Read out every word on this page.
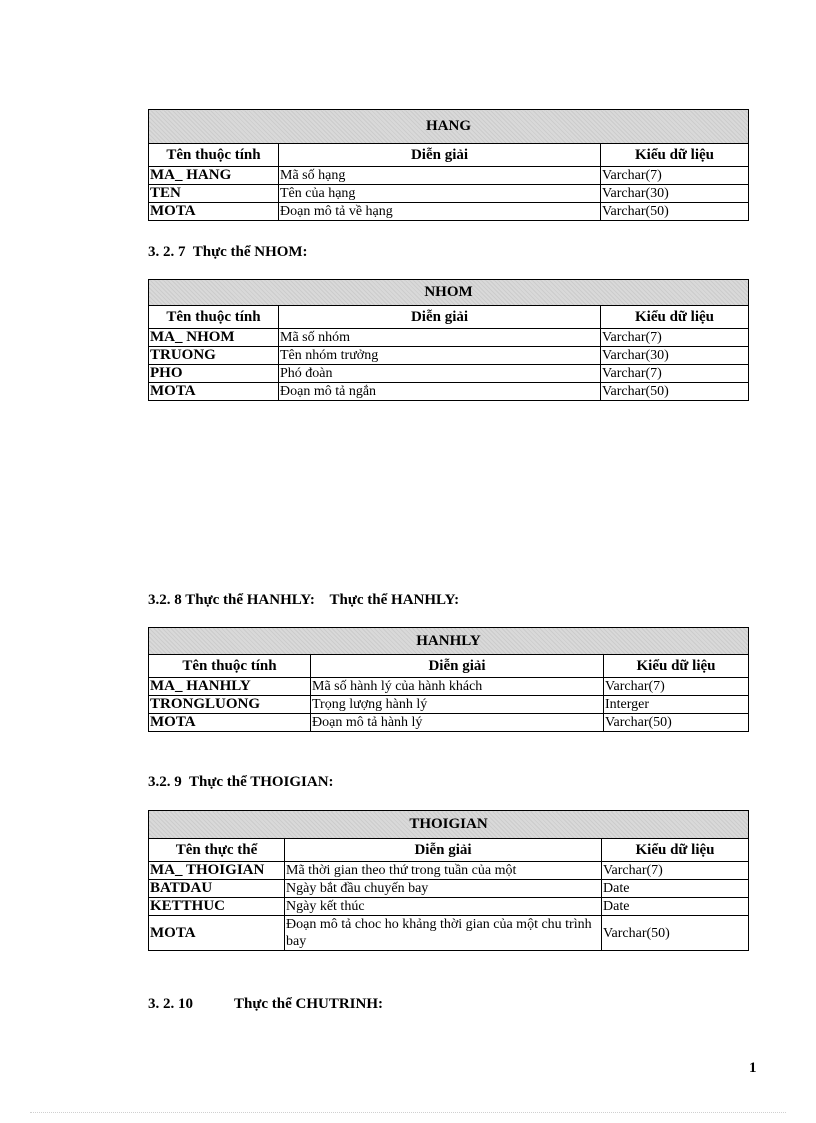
HANG		
Tên thuộc tính	Diễn giải	Kiểu dữ liệu
MA_ HANG	Mã số hạng	Varchar(7)
TEN	Tên của hạng	Varchar(30)
MOTA	Đoạn mô tả về hạng	Varchar(50)
3. 2. 7  Thực thể NHOM:
NHOM		
Tên thuộc tính	Diễn giải	Kiểu dữ liệu
MA_ NHOM	Mã số nhóm	Varchar(7)
TRUONG	Tên nhóm trưởng	Varchar(30)
PHO	Phó đoàn	Varchar(7)
MOTA	Đoạn mô tả ngắn	Varchar(50)
3.2. 8 Thực thể HANHLY:    Thực thể HANHLY:
HANHLY		
Tên thuộc tính	Diễn giải	Kiểu dữ liệu
MA_ HANHLY	Mã số hành lý của hành khách	Varchar(7)
TRONGLUONG	Trọng lượng hành lý	Interger
MOTA	Đoạn mô tả hành lý	Varchar(50)
3.2. 9  Thực thể THOIGIAN:
THOIGIAN		
Tên thực thể	Diễn giải	Kiểu dữ liệu
MA_ THOIGIAN	Mã thời gian theo thứ trong tuần của một	Varchar(7)
BATDAU	Ngày bắt đầu chuyến bay	Date
KETTHUC	Ngày kết thúc	Date
MOTA	Đoạn mô tả choc ho khảng thời gian của một chu trình bay	Varchar(50)
3. 2. 10           Thực thể CHUTRINH:
1
